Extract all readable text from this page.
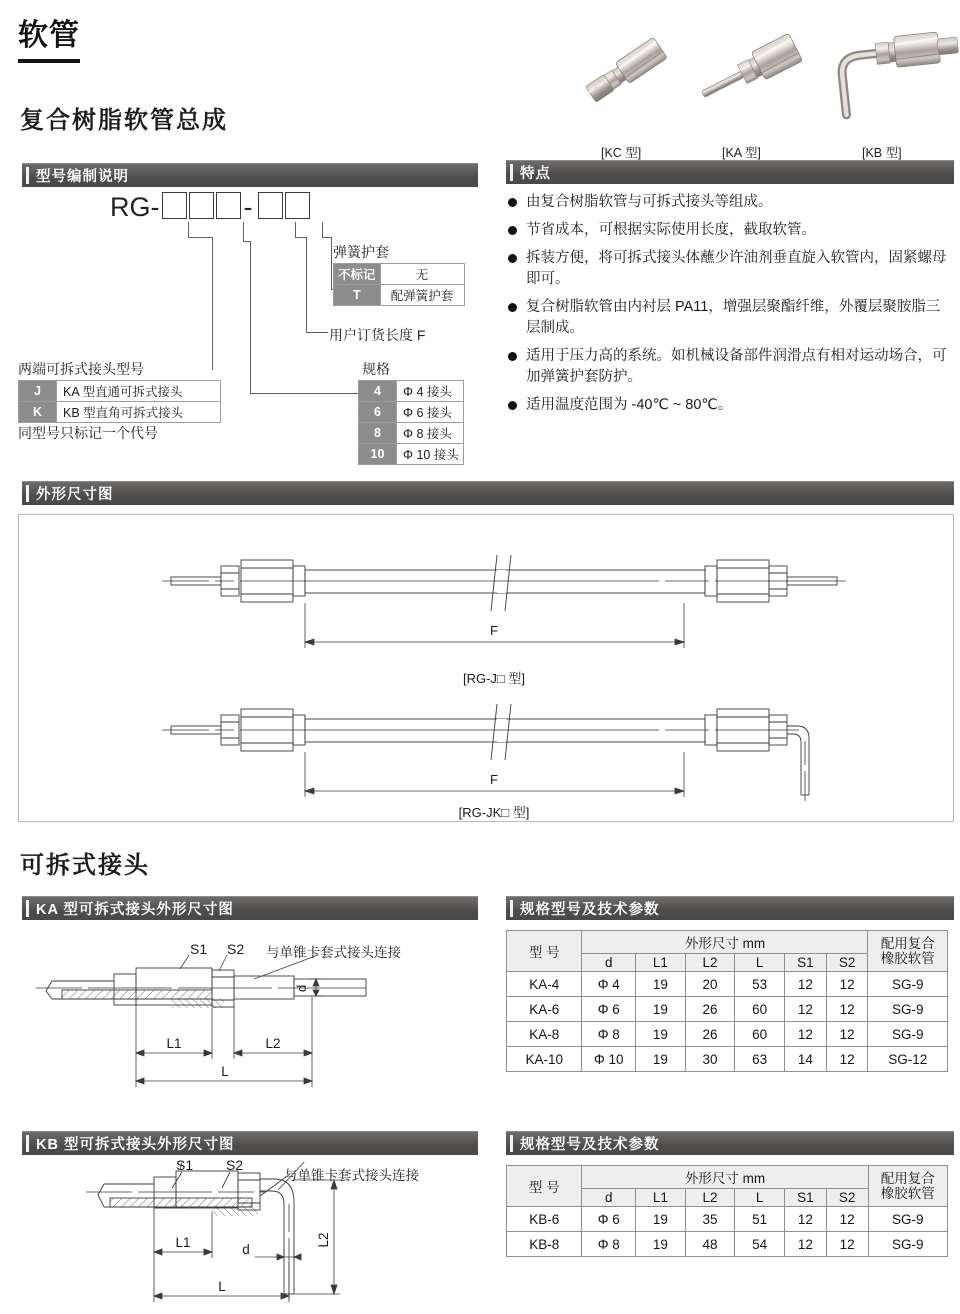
软管
复合树脂软管总成
[KC 型]	[KA 型]	[KB 型]
型号编制说明
RG-	-
弹簧护套
不标记	无
T	配弹簧护套
用户订货长度 F
两端可拆式接头型号
J	KA 型直通可拆式接头
K	KB 型直角可拆式接头
同型号只标记一个代号
规格
4	Φ 4 接头
6	Φ 6 接头
8	Φ 8 接头
10	Φ 10 接头
特点
由复合树脂软管与可拆式接头等组成。
节省成本，可根据实际使用长度，截取软管。
拆装方便，将可拆式接头体蘸少许油剂垂直旋入软管内，固紧螺母即可。
复合树脂软管由内衬层 PA11，增强层聚酯纤维，外覆层聚胺脂三层制成。
适用于压力高的系统。如机械设备部件润滑点有相对运动场合，可加弹簧护套防护。
适用温度范围为 -40℃ ~ 80℃。
外形尺寸图
F
[RG-J□ 型]
F
[RG-JK□ 型]
可拆式接头
KA 型可拆式接头外形尺寸图
d
L1	L2
L
规格型号及技术参数
型 号	外形尺寸 mm						配用复合
橡胶软管
	d	L1	L2	L	S1	S2	
KA-4	Φ 4	19	20	53	12	12	SG-9
KA-6	Φ 6	19	26	60	12	12	SG-9
KA-8	Φ 8	19	26	60	12	12	SG-9
KA-10	Φ 10	19	30	63	14	12	SG-12
KB 型可拆式接头外形尺寸图
L2
d
L1
L
S1 S2
与单锥卡套式接头连接
S1 S2 与单锥卡套式接头连接
规格型号及技术参数
型 号	外形尺寸 mm						配用复合
橡胶软管
	d	L1	L2	L	S1	S2	
KB-6	Φ 6	19	35	51	12	12	SG-9
KB-8	Φ 8	19	48	54	12	12	SG-9
